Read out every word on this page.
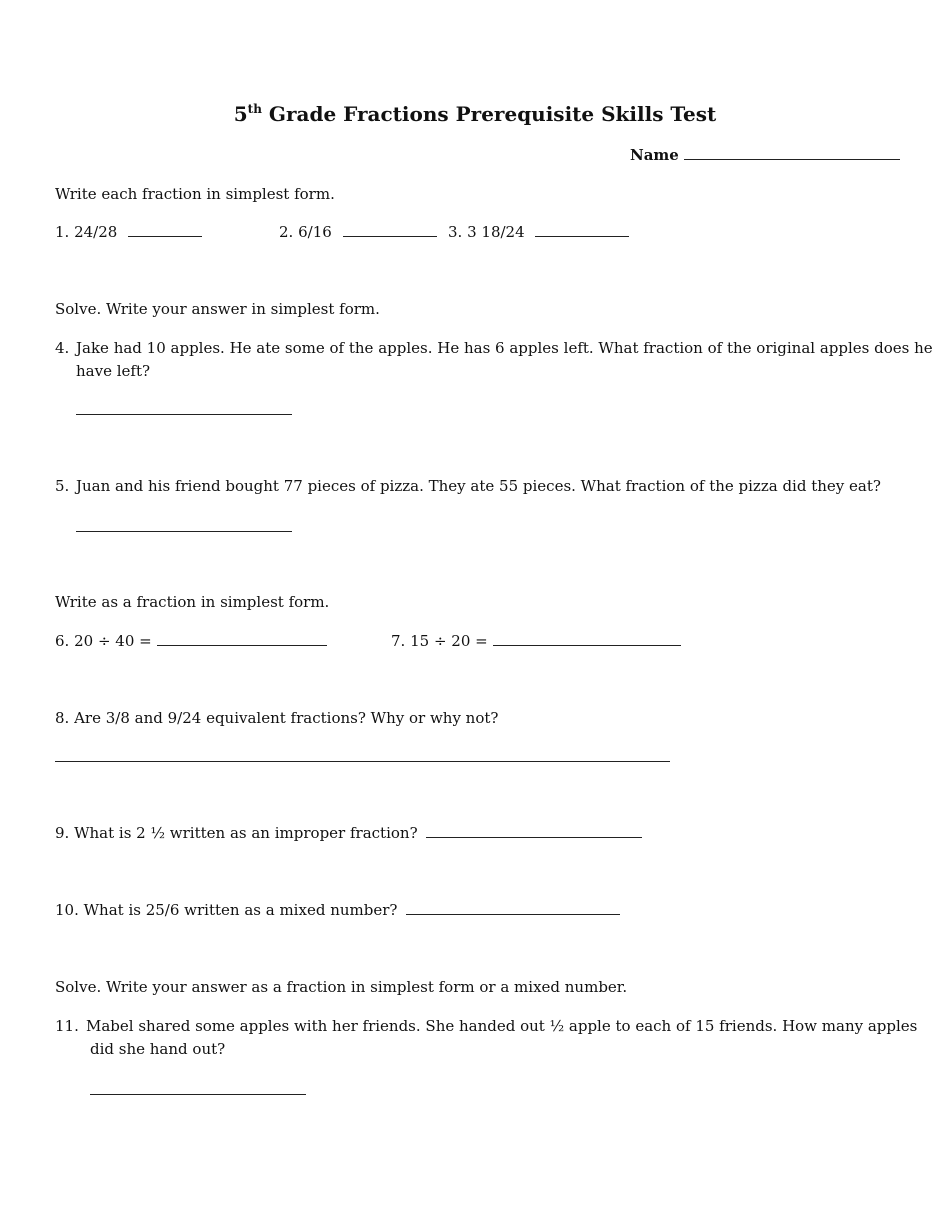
5th Grade Fractions Prerequisite Skills Test
Name
Write each fraction in simplest form.
1. 24/28	2. 6/16	3. 3 18/24
Solve. Write your answer in simplest form.
4. Jake had 10 apples. He ate some of the apples. He has 6 apples left. What fraction of the original apples does he
have left?
5. Juan and his friend bought 77 pieces of pizza. They ate 55 pieces. What fraction of the pizza did they eat?
Write as a fraction in simplest form.
6. 20 ÷ 40 =	7. 15 ÷ 20 =
8. Are 3/8 and 9/24 equivalent fractions? Why or why not?
9. What is 2 ½ written as an improper fraction?
10. What is 25/6 written as a mixed number?
Solve. Write your answer as a fraction in simplest form or a mixed number.
11. Mabel shared some apples with her friends. She handed out ½ apple to each of 15 friends. How many apples
did she hand out?
